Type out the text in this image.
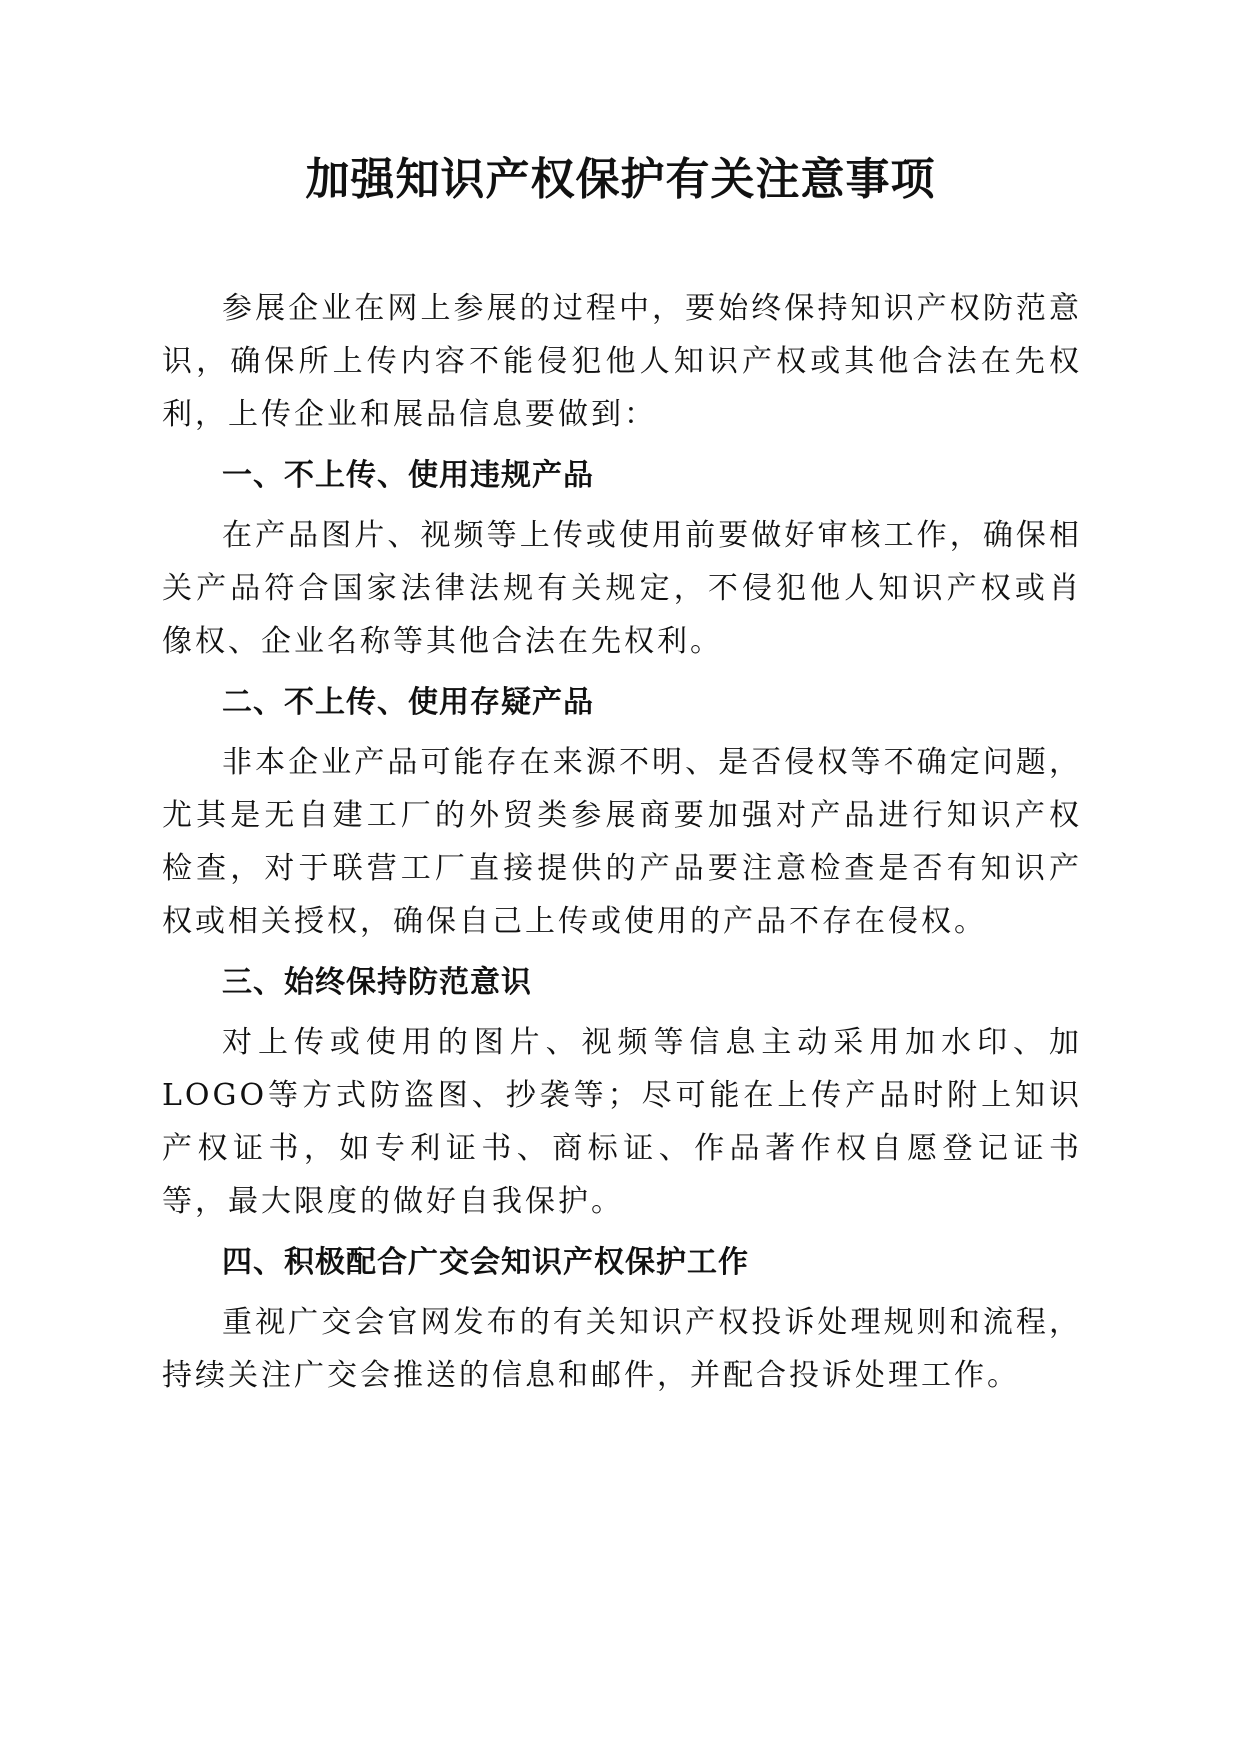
加强知识产权保护有关注意事项

参展企业在网上参展的过程中，要始终保持知识产权防范意识，确保所上传内容不能侵犯他人知识产权或其他合法在先权利，上传企业和展品信息要做到：

一、不上传、使用违规产品

在产品图片、视频等上传或使用前要做好审核工作，确保相关产品符合国家法律法规有关规定，不侵犯他人知识产权或肖像权、企业名称等其他合法在先权利。

二、不上传、使用存疑产品

非本企业产品可能存在来源不明、是否侵权等不确定问题，尤其是无自建工厂的外贸类参展商要加强对产品进行知识产权检查，对于联营工厂直接提供的产品要注意检查是否有知识产权或相关授权，确保自己上传或使用的产品不存在侵权。

三、始终保持防范意识

对上传或使用的图片、视频等信息主动采用加水印、加LOGO等方式防盗图、抄袭等；尽可能在上传产品时附上知识产权证书，如专利证书、商标证、作品著作权自愿登记证书等，最大限度的做好自我保护。

四、积极配合广交会知识产权保护工作

重视广交会官网发布的有关知识产权投诉处理规则和流程，持续关注广交会推送的信息和邮件，并配合投诉处理工作。
